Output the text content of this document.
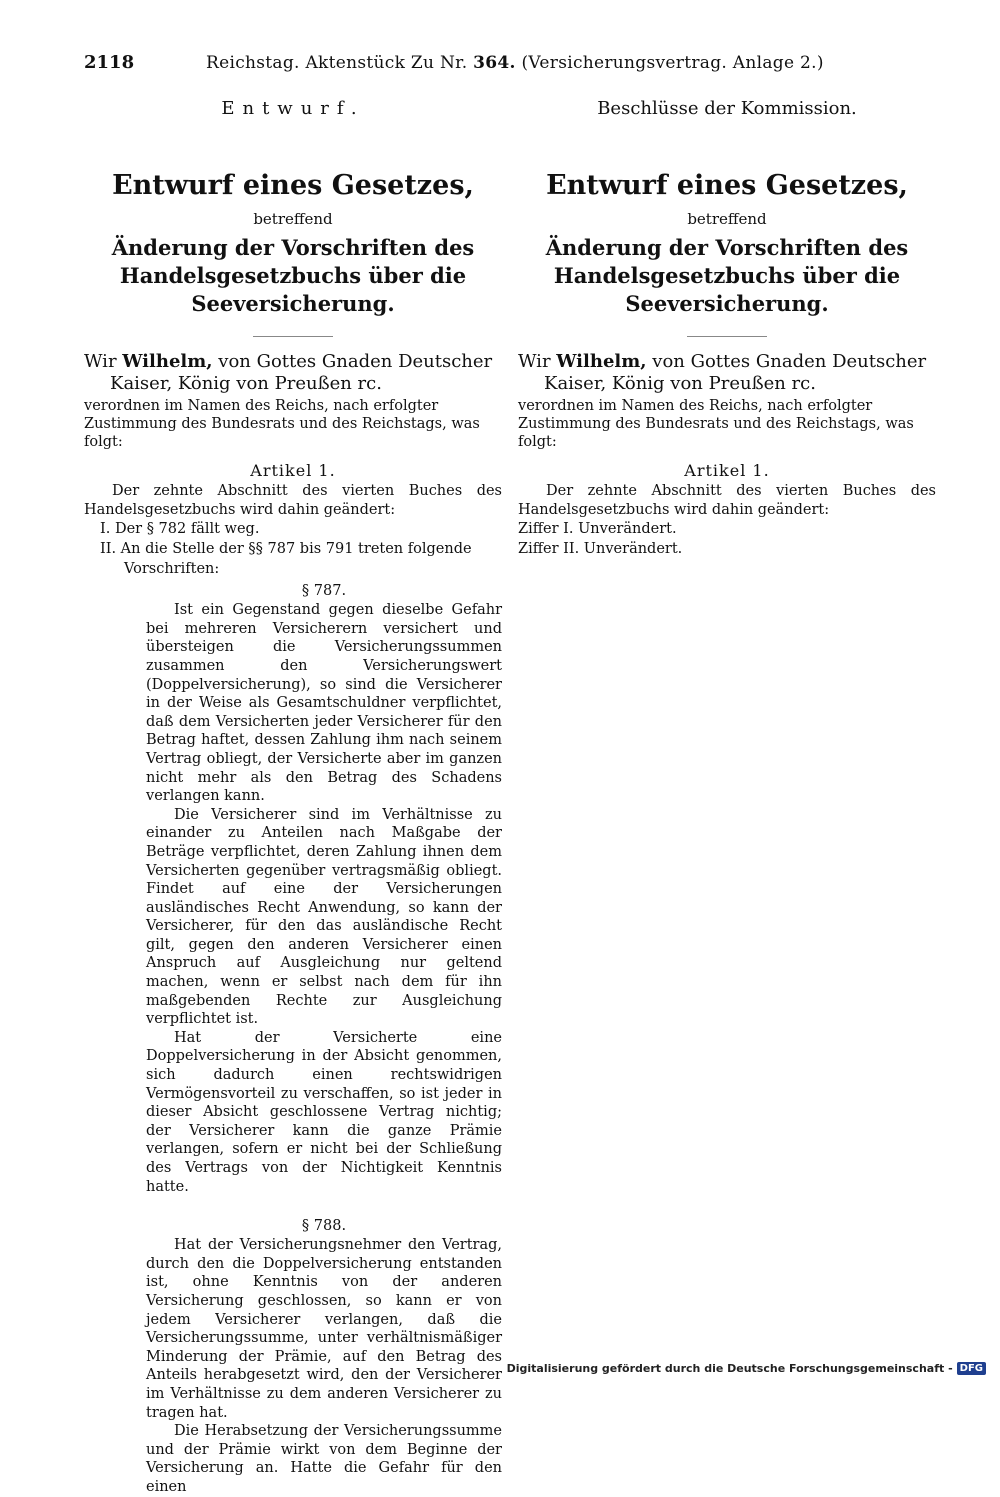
2118	Reichstag. Aktenstück Zu Nr. 364. (Versicherungsvertrag. Anlage 2.)
Entwurf.
Entwurf eines Gesetzes,
betreffend
Änderung der Vorschriften des Handelsgesetzbuchs über die Seeversicherung.
Wir Wilhelm, von Gottes Gnaden Deutscher
Kaiser, König von Preußen rc.
verordnen im Namen des Reichs, nach erfolgter Zustimmung des Bundesrats und des Reichstags, was folgt:
Artikel 1.

Der zehnte Abschnitt des vierten Buches des Handelsgesetzbuchs wird dahin geändert:

I. Der § 782 fällt weg.
II. An die Stelle der §§ 787 bis 791 treten folgende Vorschriften:
§ 787.

Ist ein Gegenstand gegen dieselbe Gefahr bei mehreren Versicherern versichert und übersteigen die Versicherungssummen zusammen den Versicherungswert (Doppelversicherung), so sind die Versicherer in der Weise als Gesamtschuldner verpflichtet, daß dem Versicherten jeder Versicherer für den Betrag haftet, dessen Zahlung ihm nach seinem Vertrag obliegt, der Versicherte aber im ganzen nicht mehr als den Betrag des Schadens verlangen kann.

Die Versicherer sind im Verhältnisse zu einander zu Anteilen nach Maßgabe der Beträge verpflichtet, deren Zahlung ihnen dem Versicherten gegenüber vertragsmäßig obliegt. Findet auf eine der Versicherungen ausländisches Recht Anwendung, so kann der Versicherer, für den das ausländische Recht gilt, gegen den anderen Versicherer einen Anspruch auf Ausgleichung nur geltend machen, wenn er selbst nach dem für ihn maßgebenden Rechte zur Ausgleichung verpflichtet ist.

Hat der Versicherte eine Doppelversicherung in der Absicht genommen, sich dadurch einen rechtswidrigen Vermögensvorteil zu verschaffen, so ist jeder in dieser Absicht geschlossene Vertrag nichtig; der Versicherer kann die ganze Prämie verlangen, sofern er nicht bei der Schließung des Vertrags von der Nichtigkeit Kenntnis hatte.

§ 788.

Hat der Versicherungsnehmer den Vertrag, durch den die Doppelversicherung entstanden ist, ohne Kenntnis von der anderen Versicherung geschlossen, so kann er von jedem Versicherer verlangen, daß die Versicherungssumme, unter verhältnismäßiger Minderung der Prämie, auf den Betrag des Anteils herabgesetzt wird, den der Versicherer im Verhältnisse zu dem anderen Versicherer zu tragen hat.

Die Herabsetzung der Versicherungssumme und der Prämie wirkt von dem Beginne der Versicherung an. Hatte die Gefahr für den einen

Beschlüsse der Kommission.
Entwurf eines Gesetzes,
betreffend
Änderung der Vorschriften des Handelsgesetzbuchs über die Seeversicherung.
Wir Wilhelm, von Gottes Gnaden Deutscher
Kaiser, König von Preußen rc.
verordnen im Namen des Reichs, nach erfolgter Zustimmung des Bundesrats und des Reichstags, was folgt:
Artikel 1.

Der zehnte Abschnitt des vierten Buches des Handelsgesetzbuchs wird dahin geändert:

Ziffer I. Unverändert.
Ziffer II. Unverändert.
Digitalisierung gefördert durch die Deutsche Forschungsgemeinschaft - DFG
